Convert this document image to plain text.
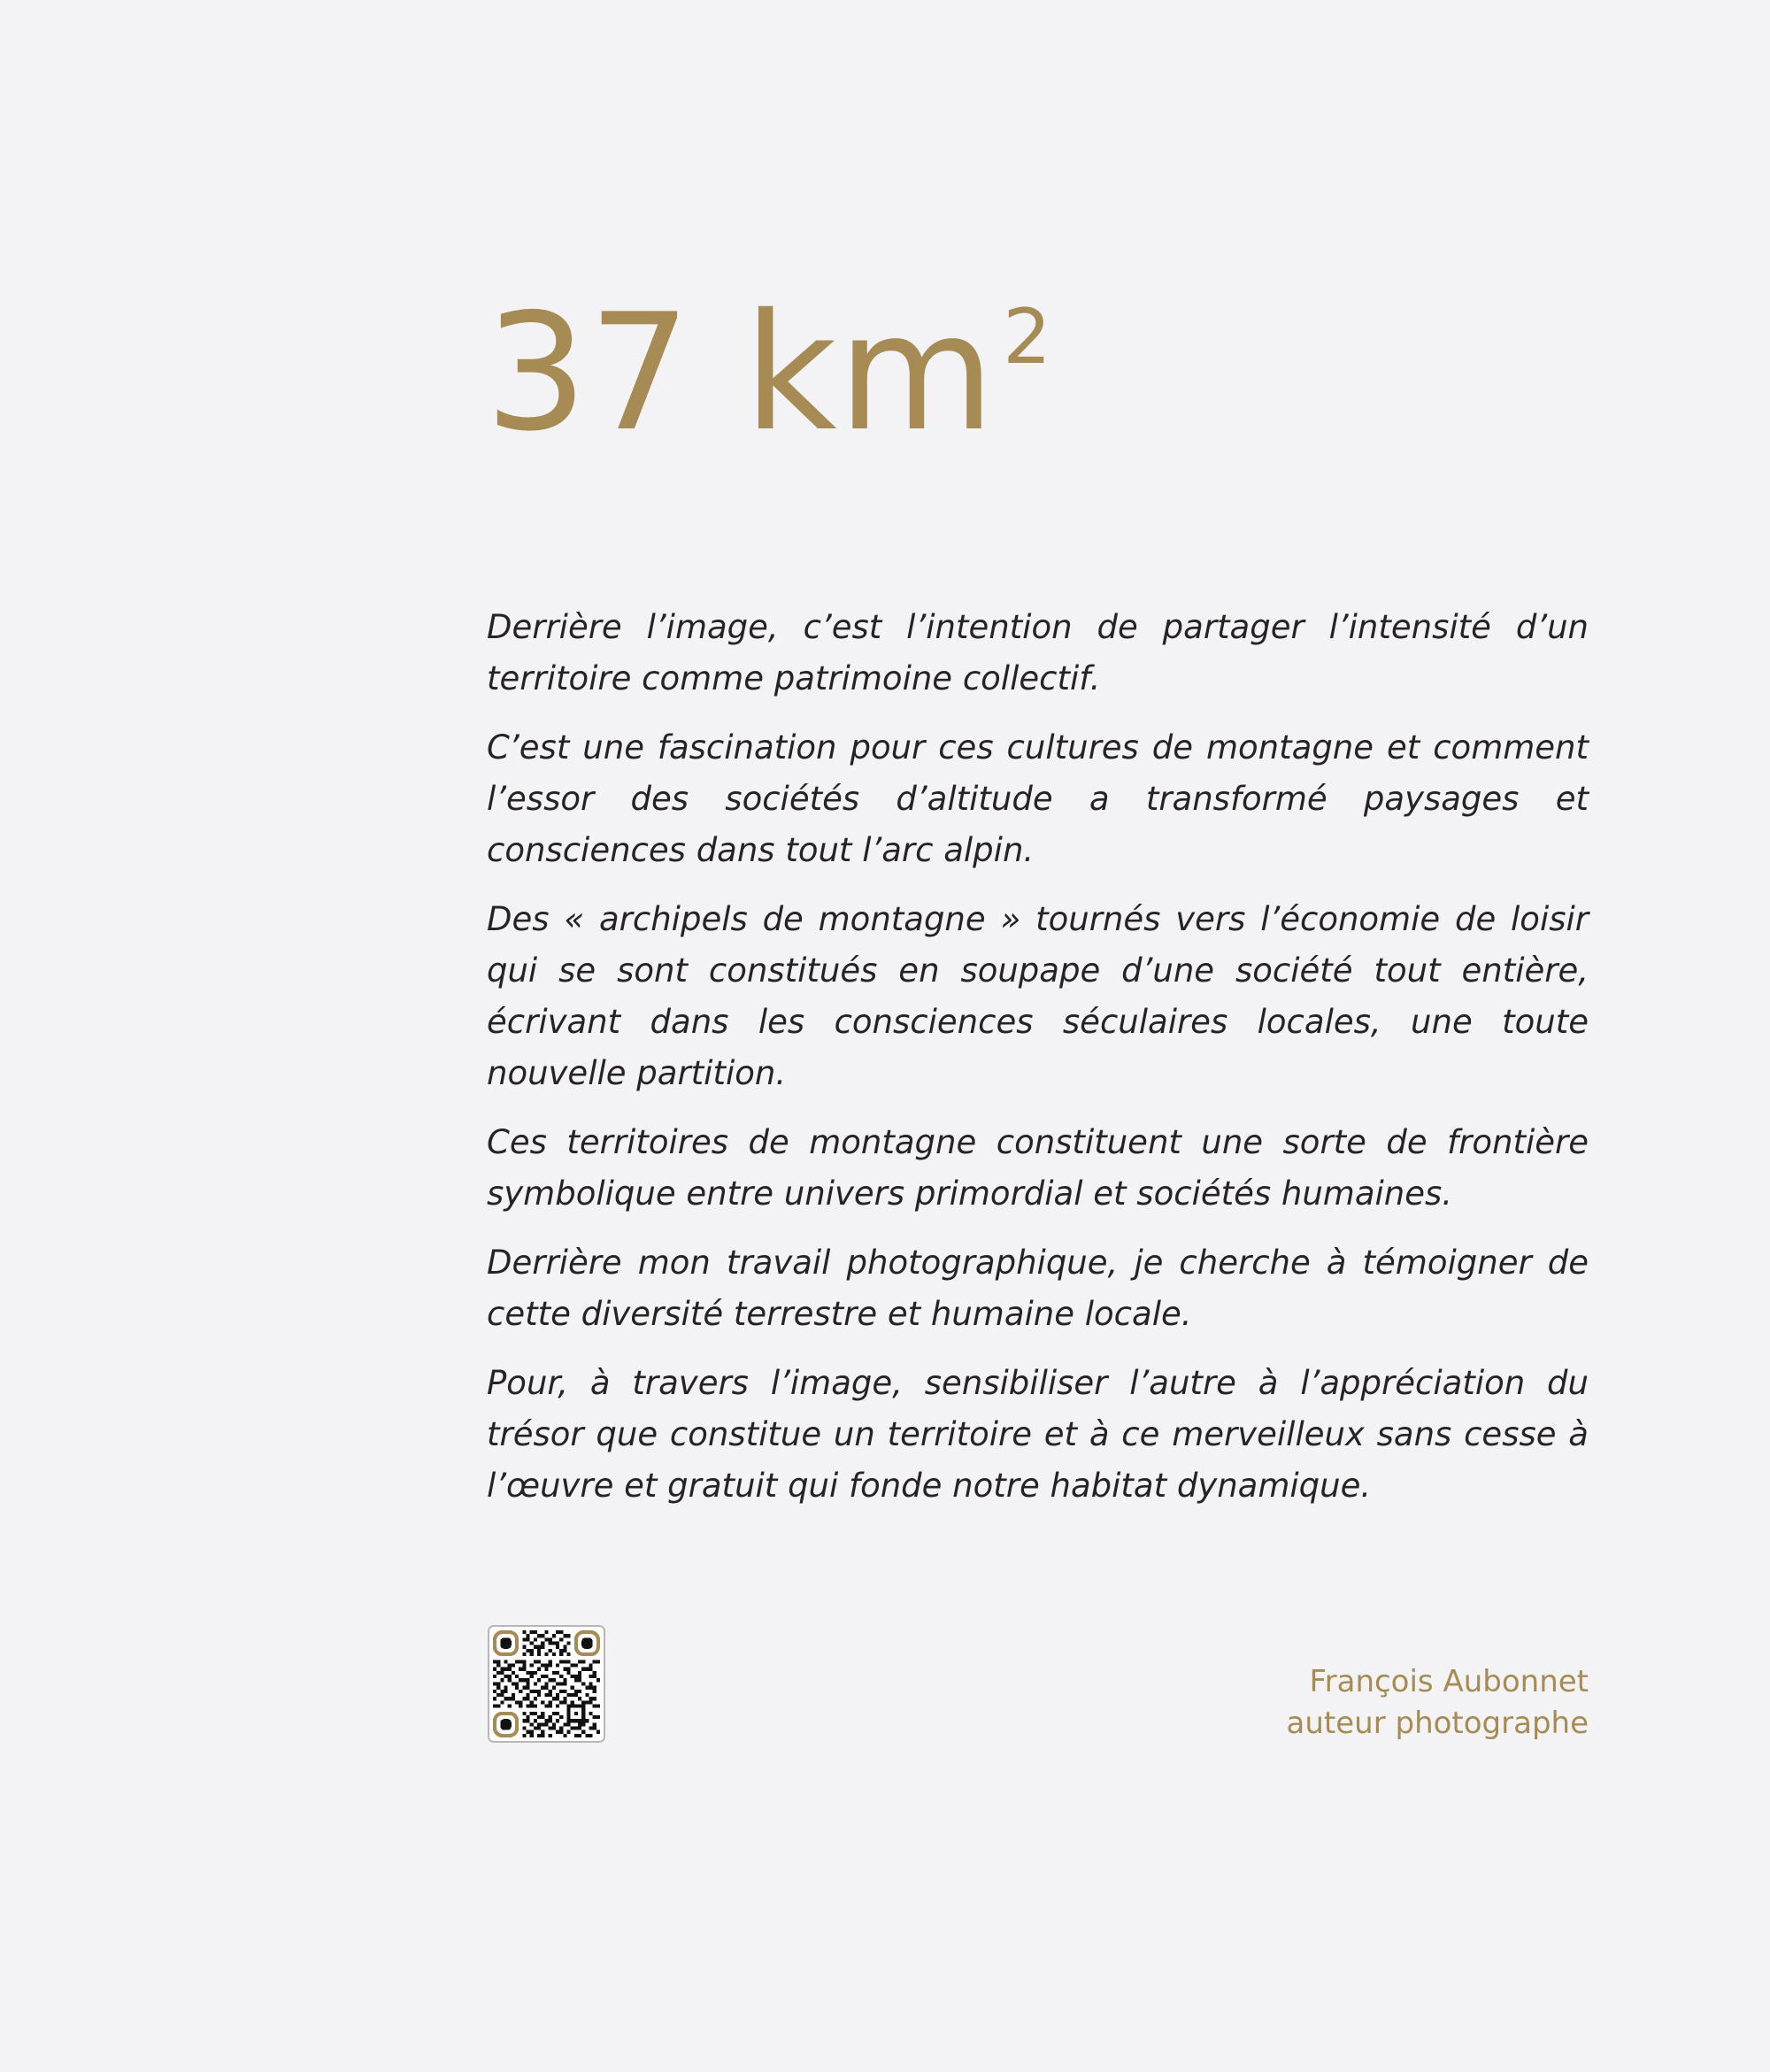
37 $km^2$

Derrière l’image, c’est l’intention de partager l’intensité d’un territoire comme patrimoine collectif.

C’est une fascination pour ces cultures de montagne et comment l’essor des sociétés d’altitude a transformé paysages et consciences dans tout l’arc alpin.

Des « archipels de montagne » tournés vers l’économie de loisir qui se sont constitués en soupape d’une société tout entière, écrivant dans les consciences séculaires locales, une toute nouvelle partition.

Ces territoires de montagne constituent une sorte de frontière symbolique entre univers primordial et sociétés humaines.

Derrière mon travail photographique, je cherche à témoigner de cette diversité terrestre et humaine locale.

Pour, à travers l’image, sensibiliser l’autre à l’appréciation du trésor que constitue un territoire et à ce merveilleux sans cesse à l’œuvre et gratuit qui fonde notre habitat dynamique.

François Aubonnet
auteur photographe
